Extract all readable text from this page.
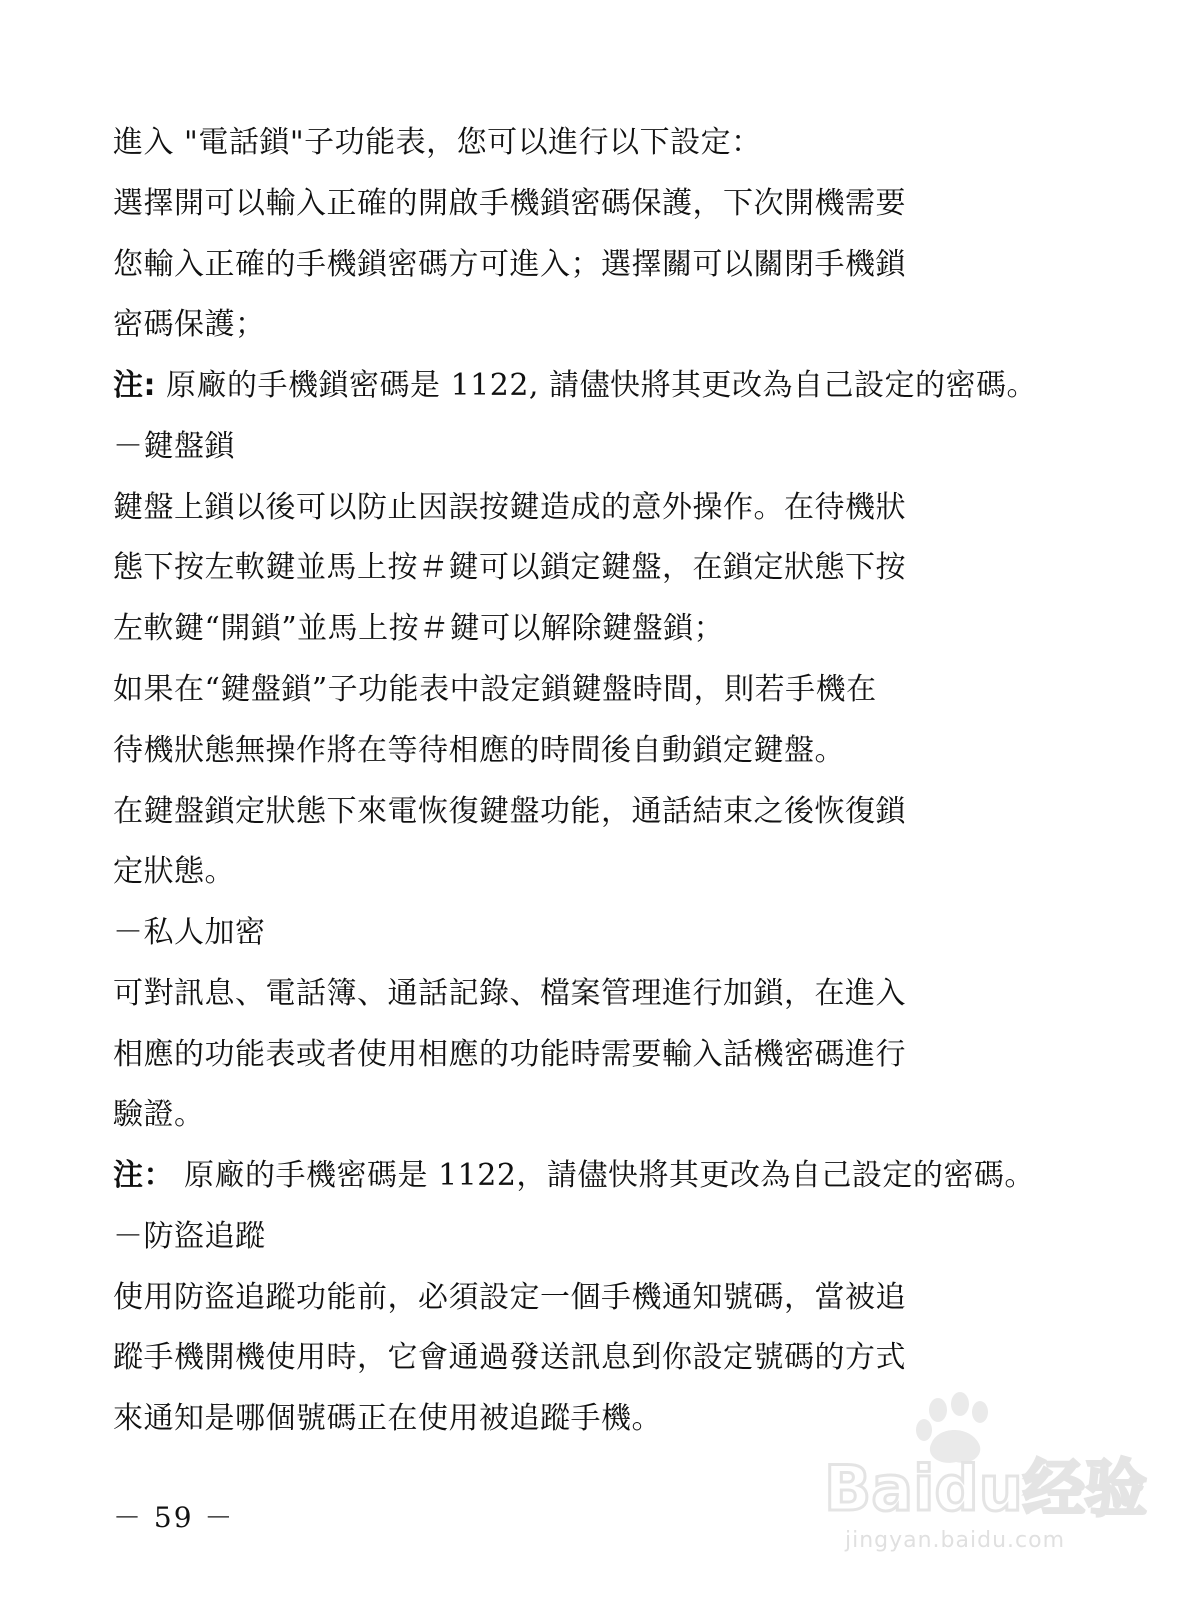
進入 "電話鎖"子功能表，您可以進行以下設定：
選擇開可以輸入正確的開啟手機鎖密碼保護，下次開機需要
您輸入正確的手機鎖密碼方可進入；選擇關可以關閉手機鎖
密碼保護；
注: 原廠的手機鎖密碼是 1122, 請儘快將其更改為自己設定的密碼。
－鍵盤鎖
鍵盤上鎖以後可以防止因誤按鍵造成的意外操作。在待機狀
態下按左軟鍵並馬上按＃鍵可以鎖定鍵盤，在鎖定狀態下按
左軟鍵“開鎖”並馬上按＃鍵可以解除鍵盤鎖；
如果在“鍵盤鎖”子功能表中設定鎖鍵盤時間，則若手機在
待機狀態無操作將在等待相應的時間後自動鎖定鍵盤。
在鍵盤鎖定狀態下來電恢復鍵盤功能，通話結束之後恢復鎖
定狀態。
－私人加密
可對訊息、電話簿、通話記錄、檔案管理進行加鎖，在進入
相應的功能表或者使用相應的功能時需要輸入話機密碼進行
驗證。
注： 原廠的手機密碼是 1122，請儘快將其更改為自己設定的密碼。
－防盜追蹤
使用防盜追蹤功能前，必須設定一個手機通知號碼，當被追
蹤手機開機使用時，它會通過發送訊息到你設定號碼的方式
來通知是哪個號碼正在使用被追蹤手機。
－ 59 －	Baidu经验
jingyan.baidu.com
